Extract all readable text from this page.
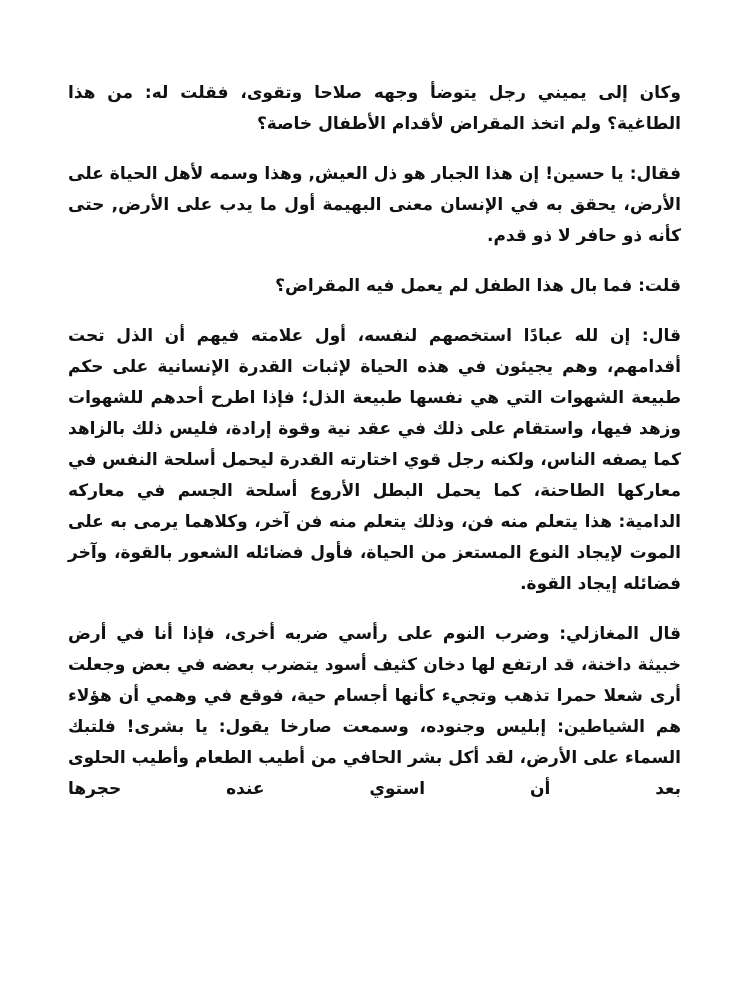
وكان إلى يميني رجل يتوضأ وجهه صلاحا وتقوى، فقلت له: من هذا الطاغية؟ ولم اتخذ المقراض لأقدام الأطفال خاصة؟

فقال: يا حسين! إن هذا الجبار هو ذل العيش, وهذا وسمه لأهل الحياة على الأرض، يحقق به في الإنسان معنى البهيمة أول ما يدب على الأرض, حتى كأنه ذو حافر لا ذو قدم.

قلت: فما بال هذا الطفل لم يعمل فيه المقراض؟

قال: إن لله عبادًا استخصهم لنفسه، أول علامته فيهم أن الذل تحت أقدامهم، وهم يجيئون في هذه الحياة لإثبات القدرة الإنسانية على حكم طبيعة الشهوات التي هي نفسها طبيعة الذل؛ فإذا اطرح أحدهم للشهوات وزهد فيها، واستقام على ذلك في عقد نية وقوة إرادة، فليس ذلك بالزاهد كما يصفه الناس، ولكنه رجل قوي اختارته القدرة ليحمل أسلحة النفس في معاركها الطاحنة، كما يحمل البطل الأروع أسلحة الجسم في معاركه الدامية: هذا يتعلم منه فن، وذلك يتعلم منه فن آخر، وكلاهما يرمى به على الموت لإيجاد النوع المستعز من الحياة، فأول فضائله الشعور بالقوة، وآخر فضائله إيجاد القوة.

قال المغازلي: وضرب النوم على رأسي ضربه أخرى، فإذا أنا في أرض خبيثة داخنة، قد ارتفع لها دخان كثيف أسود يتضرب بعضه في بعض وجعلت أرى شعلا حمرا تذهب وتجيء كأنها أجسام حية، فوقع في وهمي أن هؤلاء هم الشياطين: إبليس وجنوده، وسمعت صارخا يقول: يا بشرى! فلتبك السماء على الأرض، لقد أكل بشر الحافي من أطيب الطعام وأطيب الحلوى بعد أن استوي عنده حجرها
